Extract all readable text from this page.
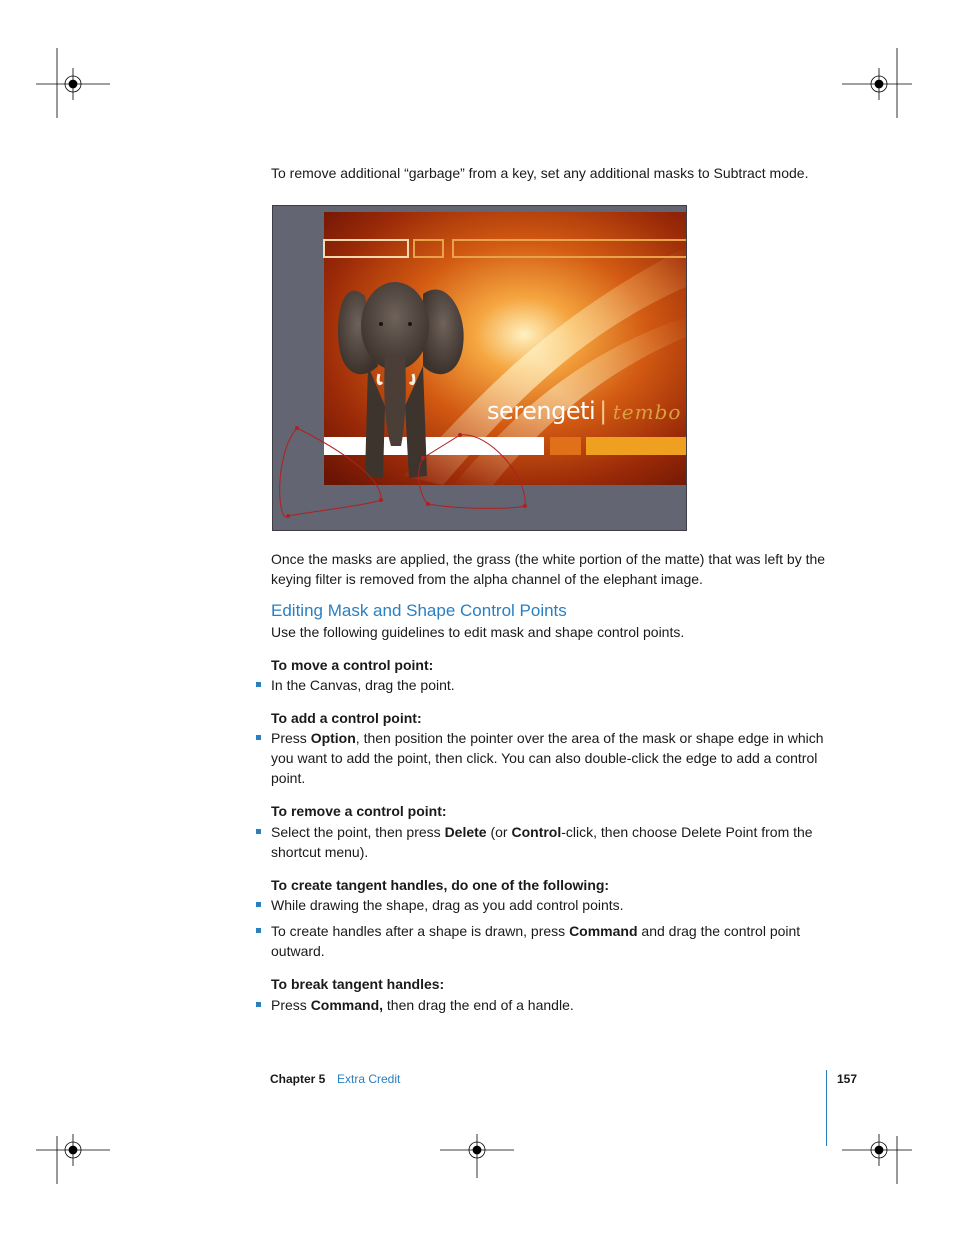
To remove additional “garbage” from a key, set any additional masks to Subtract mode.
serengeti | tembo
Once the masks are applied, the grass (the white portion of the matte) that was left by the keying filter is removed from the alpha channel of the elephant image.
Editing Mask and Shape Control Points
Use the following guidelines to edit mask and shape control points.
To move a control point:
In the Canvas, drag the point.
To add a control point:
Press Option, then position the pointer over the area of the mask or shape edge in which you want to add the point, then click. You can also double-click the edge to add a control point.
To remove a control point:
Select the point, then press Delete (or Control-click, then choose Delete Point from the shortcut menu).
To create tangent handles, do one of the following:
While drawing the shape, drag as you add control points.
To create handles after a shape is drawn, press Command and drag the control point outward.
To break tangent handles:
Press Command, then drag the end of a handle.
Chapter 5 Extra Credit	157
